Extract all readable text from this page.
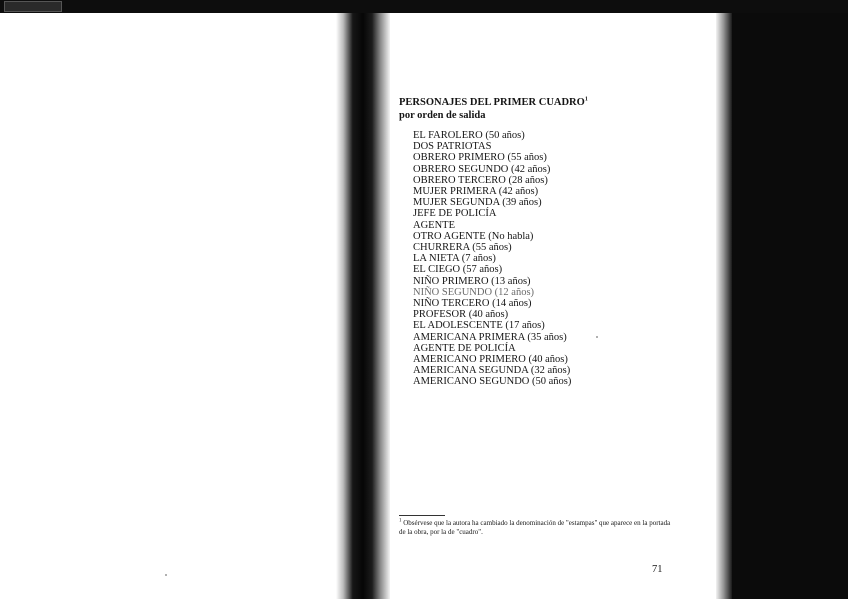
PERSONAJES DEL PRIMER CUADRO$^1$
por orden de salida
EL FAROLERO (50 años)
DOS PATRIOTAS
OBRERO PRIMERO (55 años)
OBRERO SEGUNDO (42 años)
OBRERO TERCERO (28 años)
MUJER PRIMERA (42 años)
MUJER SEGUNDA (39 años)
JEFE DE POLICÍA
AGENTE
OTRO AGENTE (No habla)
CHURRERA (55 años)
LA NIETA (7 años)
EL CIEGO (57 años)
NIÑO PRIMERO (13 años)
NIÑO SEGUNDO (12 años)
NIÑO TERCERO (14 años)
PROFESOR (40 años)
EL ADOLESCENTE (17 años)
AMERICANA PRIMERA (35 años)
AGENTE DE POLICÍA
AMERICANO PRIMERO (40 años)
AMERICANA SEGUNDA (32 años)
AMERICANO SEGUNDO (50 años)
$^1$ Obsérvese que la autora ha cambiado la denominación de "estampas" que aparece en la portada de la obra, por la de "cuadro".
71
